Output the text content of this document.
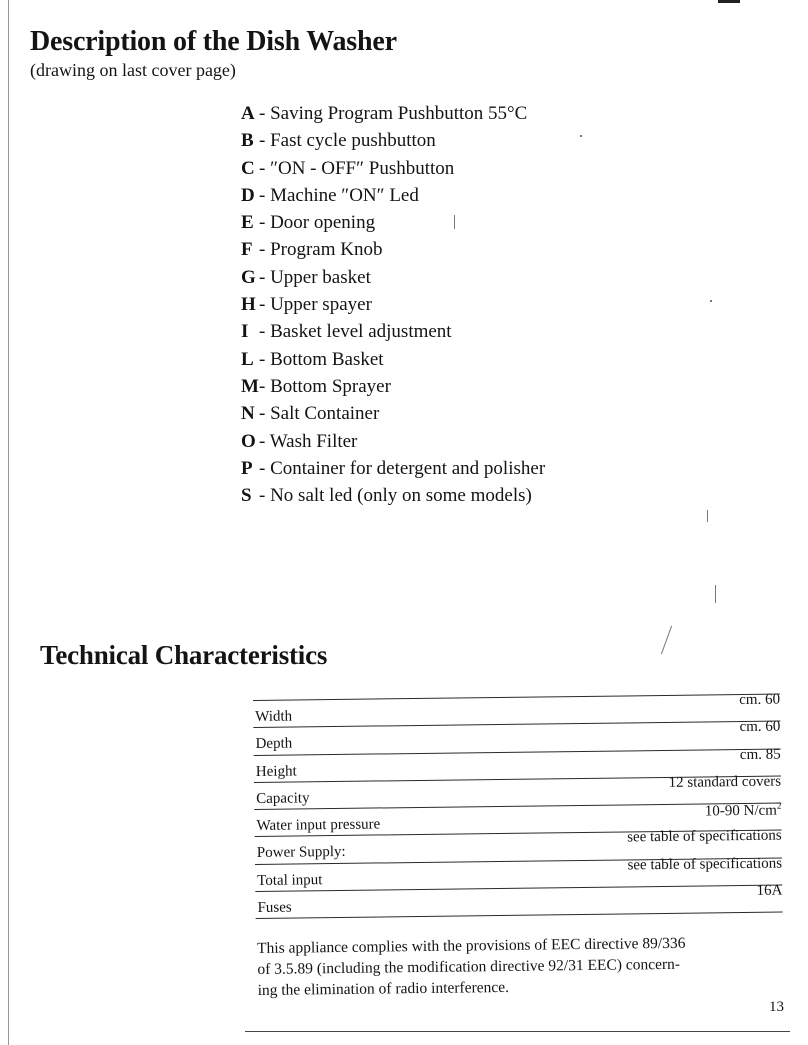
Description of the Dish Washer
(drawing on last cover page)
A - Saving Program Pushbutton 55°C
B - Fast cycle pushbutton
C - ″ON - OFF″ Pushbutton
D - Machine ″ON″ Led
E - Door opening
F - Program Knob
G - Upper basket
H - Upper spayer
I - Basket level adjustment
L - Bottom Basket
M- Bottom Sprayer
N - Salt Container
O - Wash Filter
P - Container for detergent and polisher
S - No salt led (only on some models)
Technical Characteristics
Width
cm. 60
Depth
cm. 60
Height
cm. 85
Capacity
12 standard covers
Water input pressure
10-90 $N/cm^2$
Power Supply:
see table of specifications
Total input
see table of specifications
Fuses
16A

This appliance complies with the provisions of EEC directive 89/336
of 3.5.89 (including the modification directive 92/31 EEC) concern-
ing the elimination of radio interference.

13
